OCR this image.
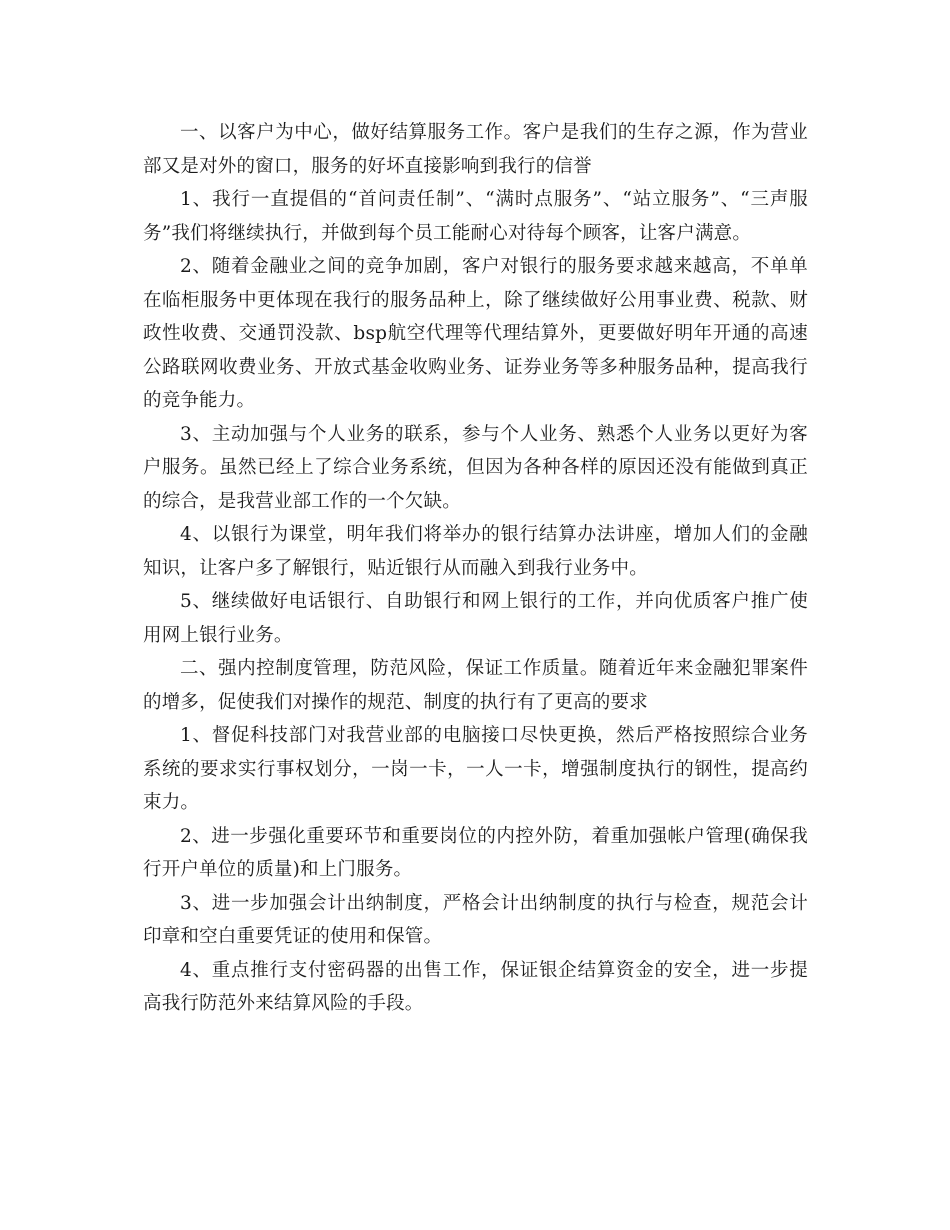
一、以客户为中心，做好结算服务工作。客户是我们的生存之源，作为营业部又是对外的窗口，服务的好坏直接影响到我行的信誉

1、我行一直提倡的“首问责任制”、“满时点服务”、“站立服务”、“三声服务”我们将继续执行，并做到每个员工能耐心对待每个顾客，让客户满意。

2、随着金融业之间的竞争加剧，客户对银行的服务要求越来越高，不单单在临柜服务中更体现在我行的服务品种上，除了继续做好公用事业费、税款、财政性收费、交通罚没款、bsp航空代理等代理结算外，更要做好明年开通的高速公路联网收费业务、开放式基金收购业务、证券业务等多种服务品种，提高我行的竞争能力。

3、主动加强与个人业务的联系，参与个人业务、熟悉个人业务以更好为客户服务。虽然已经上了综合业务系统，但因为各种各样的原因还没有能做到真正的综合，是我营业部工作的一个欠缺。

4、以银行为课堂，明年我们将举办的银行结算办法讲座，增加人们的金融知识，让客户多了解银行，贴近银行从而融入到我行业务中。

5、继续做好电话银行、自助银行和网上银行的工作，并向优质客户推广使用网上银行业务。

二、强内控制度管理，防范风险，保证工作质量。随着近年来金融犯罪案件的增多，促使我们对操作的规范、制度的执行有了更高的要求

1、督促科技部门对我营业部的电脑接口尽快更换，然后严格按照综合业务系统的要求实行事权划分，一岗一卡，一人一卡，增强制度执行的钢性，提高约束力。

2、进一步强化重要环节和重要岗位的内控外防，着重加强帐户管理(确保我行开户单位的质量)和上门服务。

3、进一步加强会计出纳制度，严格会计出纳制度的执行与检查，规范会计印章和空白重要凭证的使用和保管。

4、重点推行支付密码器的出售工作，保证银企结算资金的安全，进一步提高我行防范外来结算风险的手段。
